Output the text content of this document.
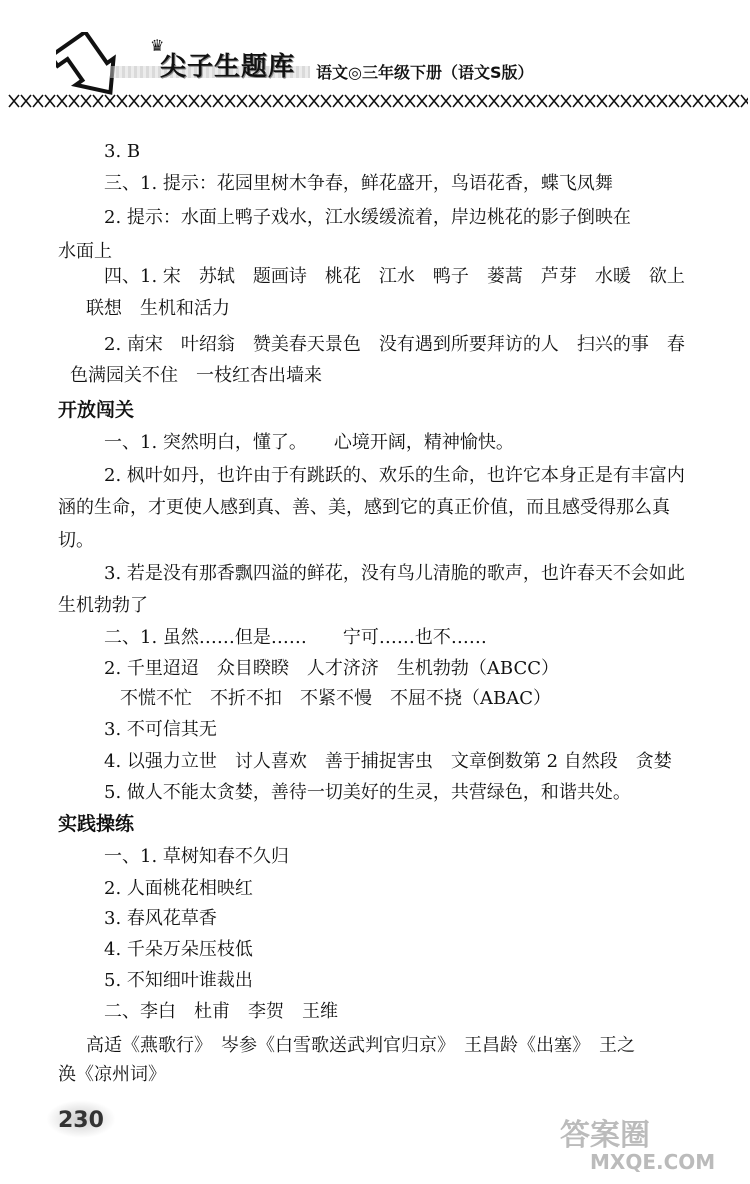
♛
尖子生题库 语文◎三年级下册（语文S版）
3. B
三、1. 提示：花园里树木争春，鲜花盛开，鸟语花香，蝶飞凤舞
2. 提示：水面上鸭子戏水，江水缓缓流着，岸边桃花的影子倒映在
水面上
四、1. 宋　苏轼　题画诗　桃花　江水　鸭子　蒌蒿　芦芽　水暖　欲上
联想　生机和活力
2. 南宋　叶绍翁　赞美春天景色　没有遇到所要拜访的人　扫兴的事　春
色满园关不住　一枝红杏出墙来
开放闯关
一、1. 突然明白，懂了。　　心境开阔，精神愉快。
2. 枫叶如丹，也许由于有跳跃的、欢乐的生命，也许它本身正是有丰富内
涵的生命，才更使人感到真、善、美，感到它的真正价值，而且感受得那么真
切。
3. 若是没有那香飘四溢的鲜花，没有鸟儿清脆的歌声，也许春天不会如此
生机勃勃了
二、1. 虽然……但是……　　宁可……也不……
2. 千里迢迢　众目睽睽　人才济济　生机勃勃（ABCC）
不慌不忙　不折不扣　不紧不慢　不屈不挠（ABAC）
3. 不可信其无
4. 以强力立世　讨人喜欢　善于捕捉害虫　文章倒数第 2 自然段　贪婪
5. 做人不能太贪婪，善待一切美好的生灵，共营绿色，和谐共处。
实践操练
一、1. 草树知春不久归
2. 人面桃花相映红
3. 春风花草香
4. 千朵万朵压枝低
5. 不知细叶谁裁出
二、李白　杜甫　李贺　王维
高适《燕歌行》　岑参《白雪歌送武判官归京》　王昌龄《出塞》　王之
涣《凉州词》
230	答案圈
MXQE.COM
